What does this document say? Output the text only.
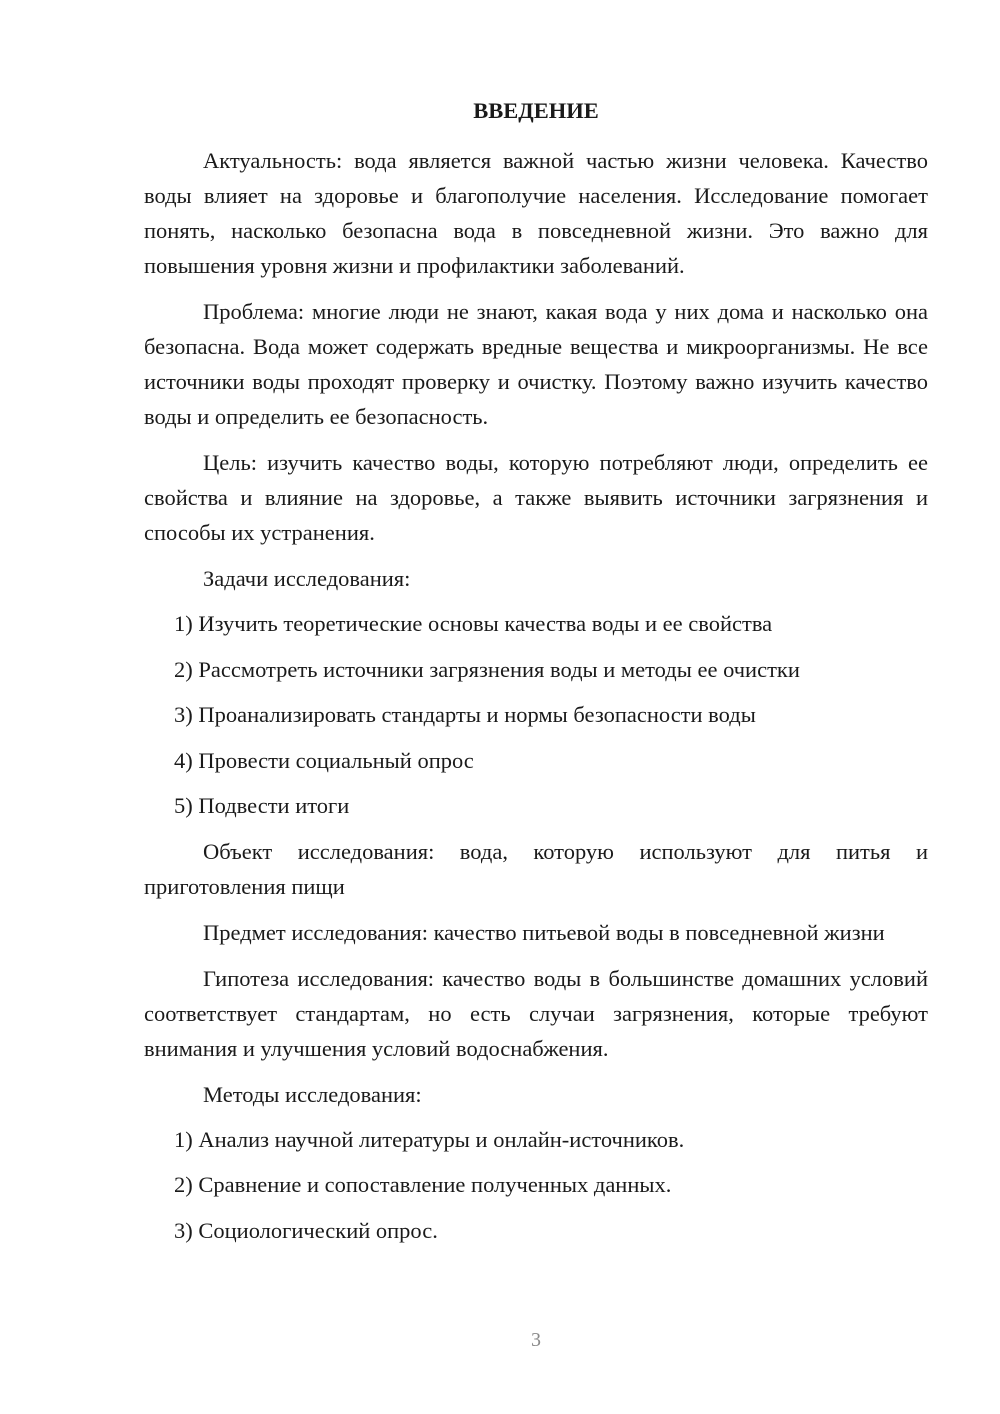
ВВЕДЕНИЕ

Актуальность: вода является важной частью жизни человека. Качество воды влияет на здоровье и благополучие населения. Исследование помогает понять, насколько безопасна вода в повседневной жизни. Это важно для повышения уровня жизни и профилактики заболеваний.

Проблема: многие люди не знают, какая вода у них дома и насколько она безопасна. Вода может содержать вредные вещества и микроорганизмы. Не все источники воды проходят проверку и очистку. Поэтому важно изучить качество воды и определить ее безопасность.

Цель: изучить качество воды, которую потребляют люди, определить ее свойства и влияние на здоровье, а также выявить источники загрязнения и способы их устранения.

Задачи исследования:

1) Изучить теоретические основы качества воды и ее свойства
2) Рассмотреть источники загрязнения воды и методы ее очистки
3) Проанализировать стандарты и нормы безопасности воды
4) Провести социальный опрос
5) Подвести итоги

Объект исследования: вода, которую используют для питья и приготовления пищи

Предмет исследования: качество питьевой воды в повседневной жизни

Гипотеза исследования: качество воды в большинстве домашних условий соответствует стандартам, но есть случаи загрязнения, которые требуют внимания и улучшения условий водоснабжения.

Методы исследования:

1) Анализ научной литературы и онлайн-источников.
2) Сравнение и сопоставление полученных данных.
3) Социологический опрос.
3
